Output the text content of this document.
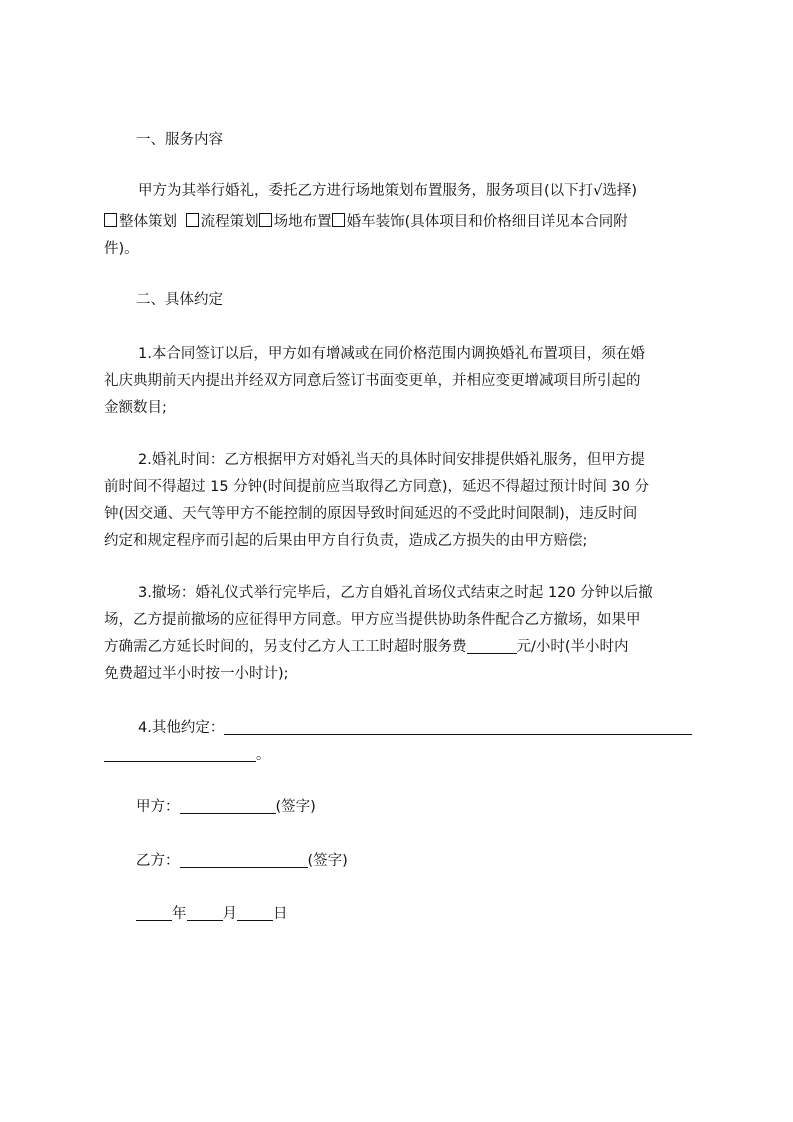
一、服务内容
甲方为其举行婚礼，委托乙方进行场地策划布置服务，服务项目(以下打√选择)
整体策划 流程策划 场地布置 婚车装饰(具体项目和价格细目详见本合同附
件)。
二、具体约定
1.本合同签订以后，甲方如有增减或在同价格范围内调换婚礼布置项目，须在婚
礼庆典期前天内提出并经双方同意后签订书面变更单，并相应变更增减项目所引起的
金额数目;
2.婚礼时间：乙方根据甲方对婚礼当天的具体时间安排提供婚礼服务，但甲方提
前时间不得超过 15 分钟(时间提前应当取得乙方同意)，延迟不得超过预计时间 30 分
钟(因交通、天气等甲方不能控制的原因导致时间延迟的不受此时间限制)，违反时间
约定和规定程序而引起的后果由甲方自行负责，造成乙方损失的由甲方赔偿;
3.撤场：婚礼仪式举行完毕后，乙方自婚礼首场仪式结束之时起 120 分钟以后撤
场，乙方提前撤场的应征得甲方同意。甲方应当提供协助条件配合乙方撤场，如果甲
方确需乙方延长时间的，另支付乙方人工工时超时服务费	元/小时(半小时内
免费超过半小时按一小时计);
4.其他约定：
。
甲方：	(签字)
乙方：	(签字)
年 月 日
